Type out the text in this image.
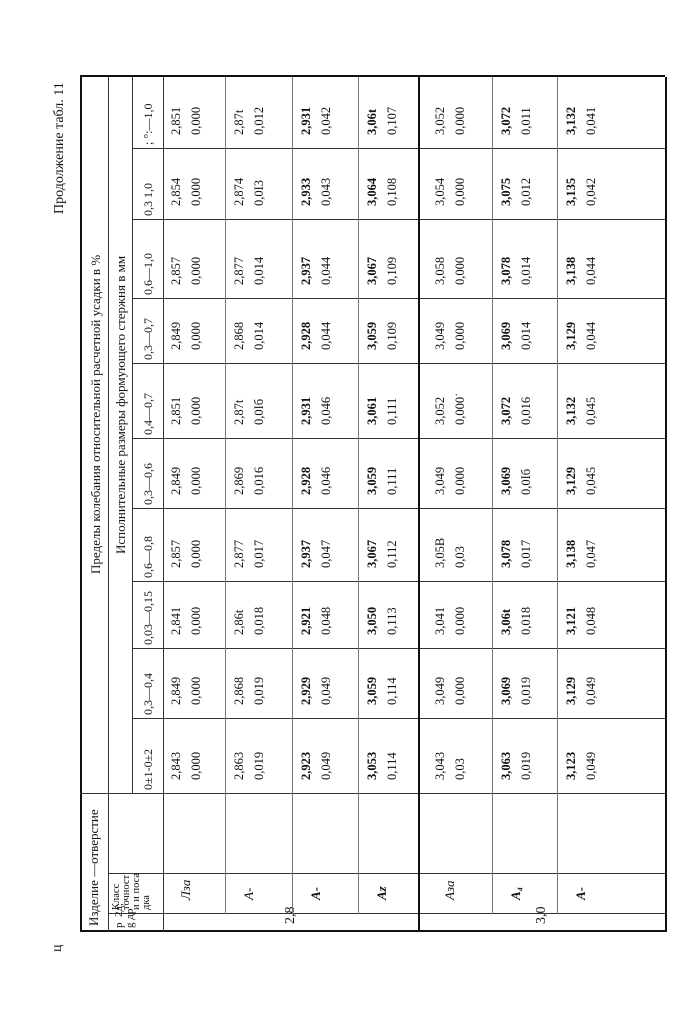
ц
Продолжение табл. 11
Изделие —отверстие р  2д,
g др
Класс
точност
и и поса
дка
Пределы колебания относительной расчетной усадки в % Исполнительные размеры формующего стержня в мм
0±1-0±2
0,3—0,4
0,03—0,15
0,6—0,8
0,3—0,6
0,4—0,7
0,3—0,7
0,6—1,0
0,3 1,0
; °:—1,0
2,8
Лза
2,843 0,000
2,849 0,000
2,841 0,000
2,857 0,000
2,849 0,000
2,851 0,000
2,849 0,000
2,857 0,000
2,854 0,000
2,851 0,000
А-
2,863 0,019
2,868 0,019
2,86t 0,018
2,877 0,017
2,869 0,016
2,87t 0,0Іб
2,868 0,014
2,877 0,014
2,874 0,0І3
2,87t 0,012
А-
2,923 0,049
2,929 0,049
2,921 0,048
2,937 0,047
2,928 0,046
2,931 0,046
2,928 0,044
2,937 0,044
2,933 0,043
2,931 0,042
Аz
3,053 0,114
3,059 0,114
3,050 0,113
3,067 0,112
3,059 0,111
3,061 0,111
3,059 0,109
3,067 0,109
3,064 0,108
3,06t 0,107
3,0
Азa
3,043 0,03
3,049 0,000
3,041 0,000
3,05В 0,03
3,049 0,000
3,052 0,000˙
3,049 0,000
3,058 0,000
3,054 0,000
3,052 0,000
А₄
3,063 0,019
3,069 0,019
3,06t 0,018
3,078 0,017
3,069 0,0Іб
3,072 0,016
3,069 0,014
3,078 0,014
3,075 0,012
3,072 0,011
А-
3,123 0,049
3,129 0,049
3,121 0,048
3,138 0,047
3,129 0,045
3,132 0,045
3,129 0,044
3,138 0,044
3,135 0,042
3,132 0,041
